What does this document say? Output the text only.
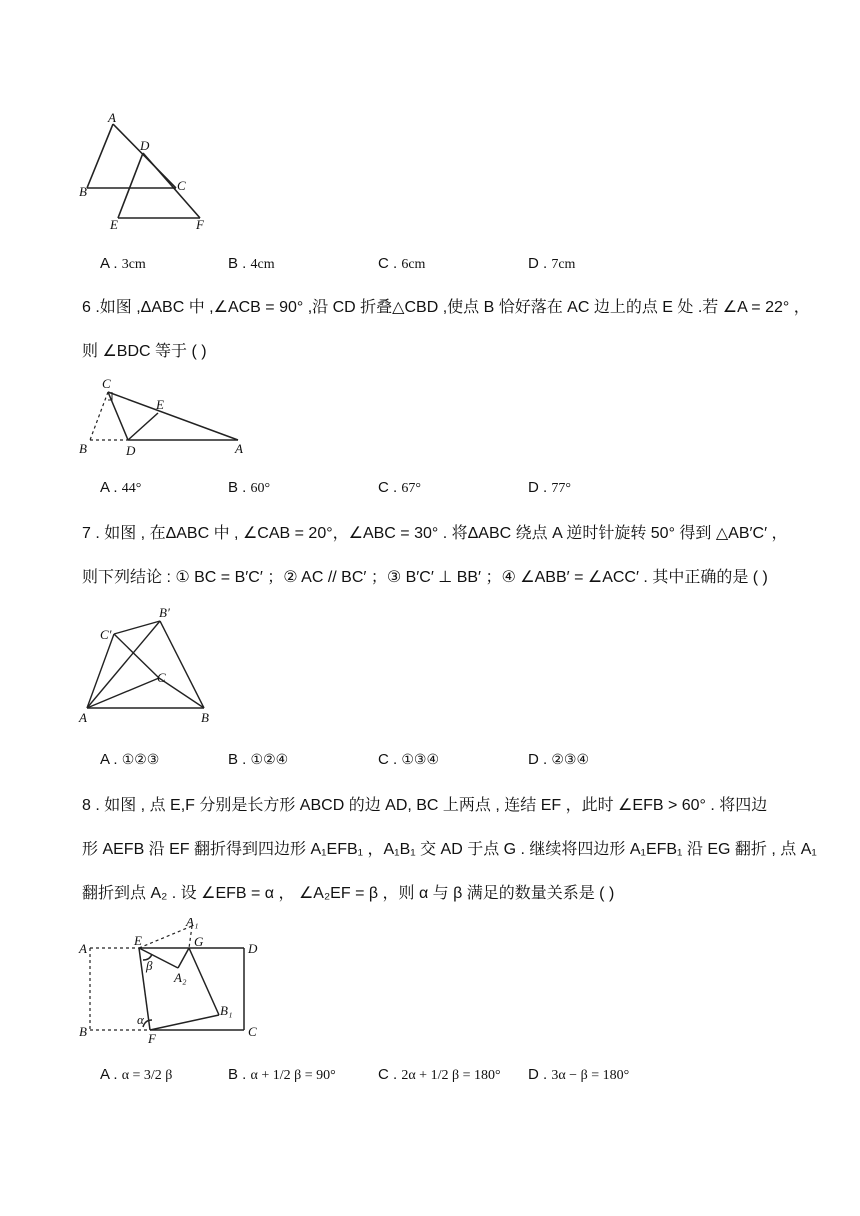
A
D
B	C
E	F
A . 3cm	B . 4cm	C . 6cm	D . 7cm
6 .如图 ,ΔABC 中 ,∠ACB = 90° ,沿 CD 折叠△CBD ,使点 B 恰好落在 AC 边上的点 E 处 .若 ∠A = 22° ，
则 ∠BDC 等于 ( )
C
E
B	D	A
A . 44°	B . 60°	C . 67°	D . 77°
7 . 如图 , 在ΔABC 中 , ∠CAB = 20°，∠ABC = 30° . 将ΔABC 绕点 A 逆时针旋转 50° 得到 △AB′C′ ，
则下列结论 : ① BC = B′C′ ；② AC // BC′ ；③ B′C′ ⊥ BB′ ；④ ∠ABB′ = ∠ACC′ . 其中正确的是 ( )
B′
C′
C
A	B
A . ①②③	B . ①②④	C . ①③④	D . ②③④
8 . 如图 , 点 E,F 分别是长方形 ABCD 的边 AD, BC 上两点 , 连结 EF ，此时 ∠EFB > 60° . 将四边
形 AEFB 沿 EF 翻折得到四边形 A₁EFB₁ ，A₁B₁ 交 AD 于点 G . 继续将四边形 A₁EFB₁ 沿 EG 翻折 , 点 A₁
翻折到点 A₂ . 设 ∠EFB = α ， ∠A₂EF = β ，则 α 与 β 满足的数量关系是 ( )
A₁
A
E	G	D
β
A₂
B₁
α
B	F	C
A . α = 3/2 β	B . α + 1/2 β = 90°	C . 2α + 1/2 β = 180° D . 3α − β = 180°
